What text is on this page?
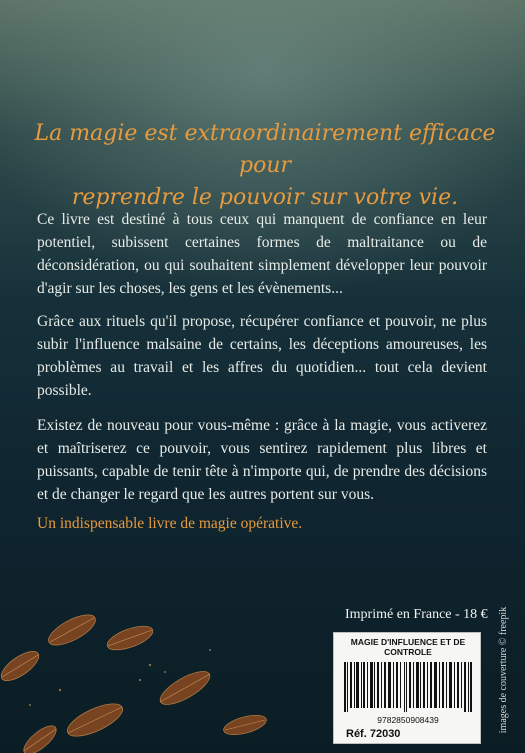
La magie est extraordinairement efficace pour
reprendre le pouvoir sur votre vie.
Ce livre est destiné à tous ceux qui manquent de confiance en leur potentiel, subissent certaines formes de maltraitance ou de déconsidération, ou qui souhaitent simplement développer leur pouvoir d'agir sur les choses, les gens et les évènements...
Grâce aux rituels qu'il propose, récupérer confiance et pouvoir, ne plus subir l'influence malsaine de certains, les déceptions amoureuses, les problèmes au travail et les affres du quotidien... tout cela devient possible.
Existez de nouveau pour vous-même : grâce à la magie, vous activerez et maîtriserez ce pouvoir, vous sentirez rapidement plus libres et puissants, capable de tenir tête à n'importe qui, de prendre des décisions et de changer le regard que les autres portent sur vous.
Un indispensable livre de magie opérative.
Imprimé en France - 18 € images de couverture © freepik
MAGIE D'INFLUENCE ET DE CONTROLE
9782850908439
Réf. 72030
